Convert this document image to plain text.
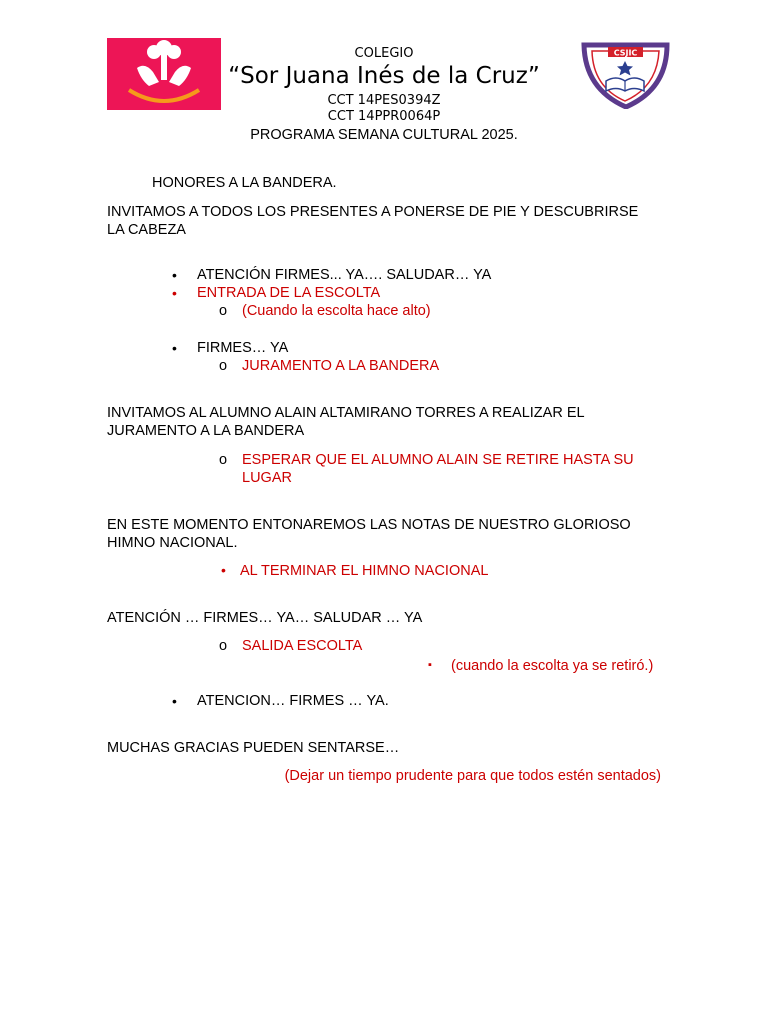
COLEGIO
“Sor Juana Inés de la Cruz”
CCT 14PES0394Z
CCT 14PPR0064P
PROGRAMA SEMANA CULTURAL 2025.
CSJIC
HONORES A LA BANDERA.
INVITAMOS A TODOS LOS PRESENTES A PONERSE DE PIE Y DESCUBRIRSE
LA CABEZA
• ATENCIÓN FIRMES... YA…. SALUDAR… YA
• ENTRADA DE LA ESCOLTA
o (Cuando la escolta hace alto)
• FIRMES… YA
o JURAMENTO A LA BANDERA
INVITAMOS AL ALUMNO ALAIN ALTAMIRANO TORRES A REALIZAR EL
JURAMENTO A LA BANDERA
o ESPERAR QUE EL ALUMNO ALAIN SE RETIRE HASTA SU
LUGAR
EN ESTE MOMENTO ENTONAREMOS LAS NOTAS DE NUESTRO GLORIOSO
HIMNO NACIONAL.
• AL TERMINAR EL HIMNO NACIONAL
ATENCIÓN … FIRMES… YA… SALUDAR … YA
o SALIDA ESCOLTA
▪ (cuando la escolta ya se retiró.)
• ATENCION… FIRMES … YA.
MUCHAS GRACIAS PUEDEN SENTARSE…
(Dejar un tiempo prudente para que todos estén sentados)
